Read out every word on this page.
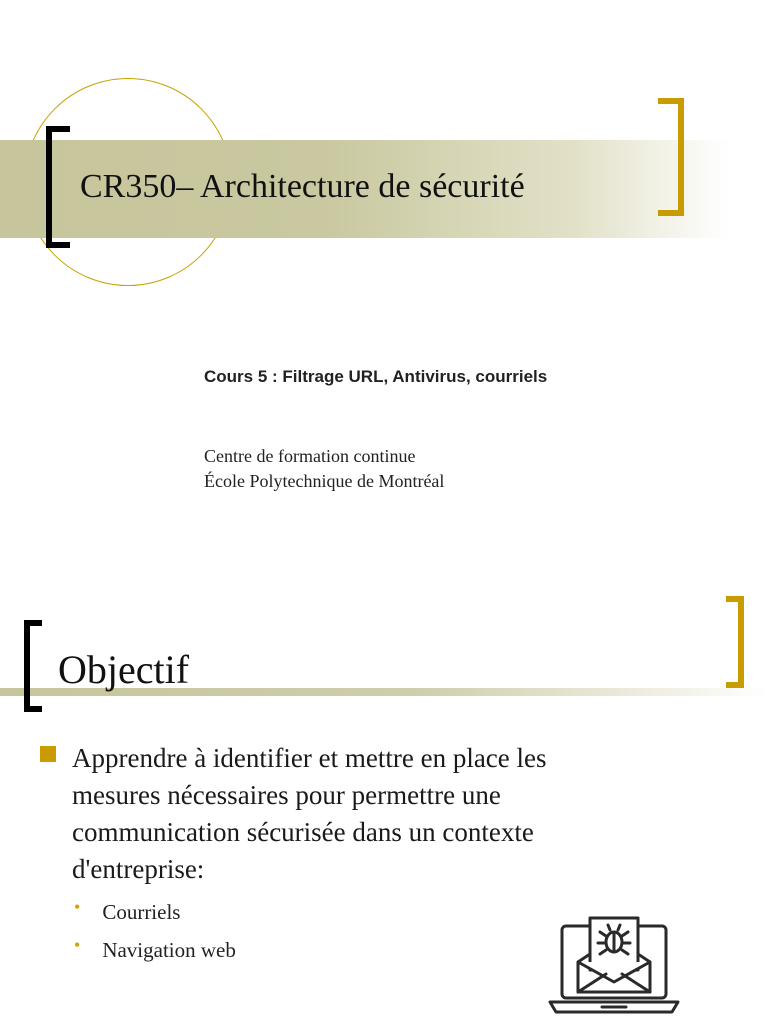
CR350– Architecture de sécurité
Cours 5 : Filtrage URL, Antivirus, courriels
Centre de formation continue
École Polytechnique de Montréal
Objectif
Apprendre à identifier et mettre en place les mesures nécessaires pour permettre une communication sécurisée dans un contexte d'entreprise:
• Courriels
• Navigation web
